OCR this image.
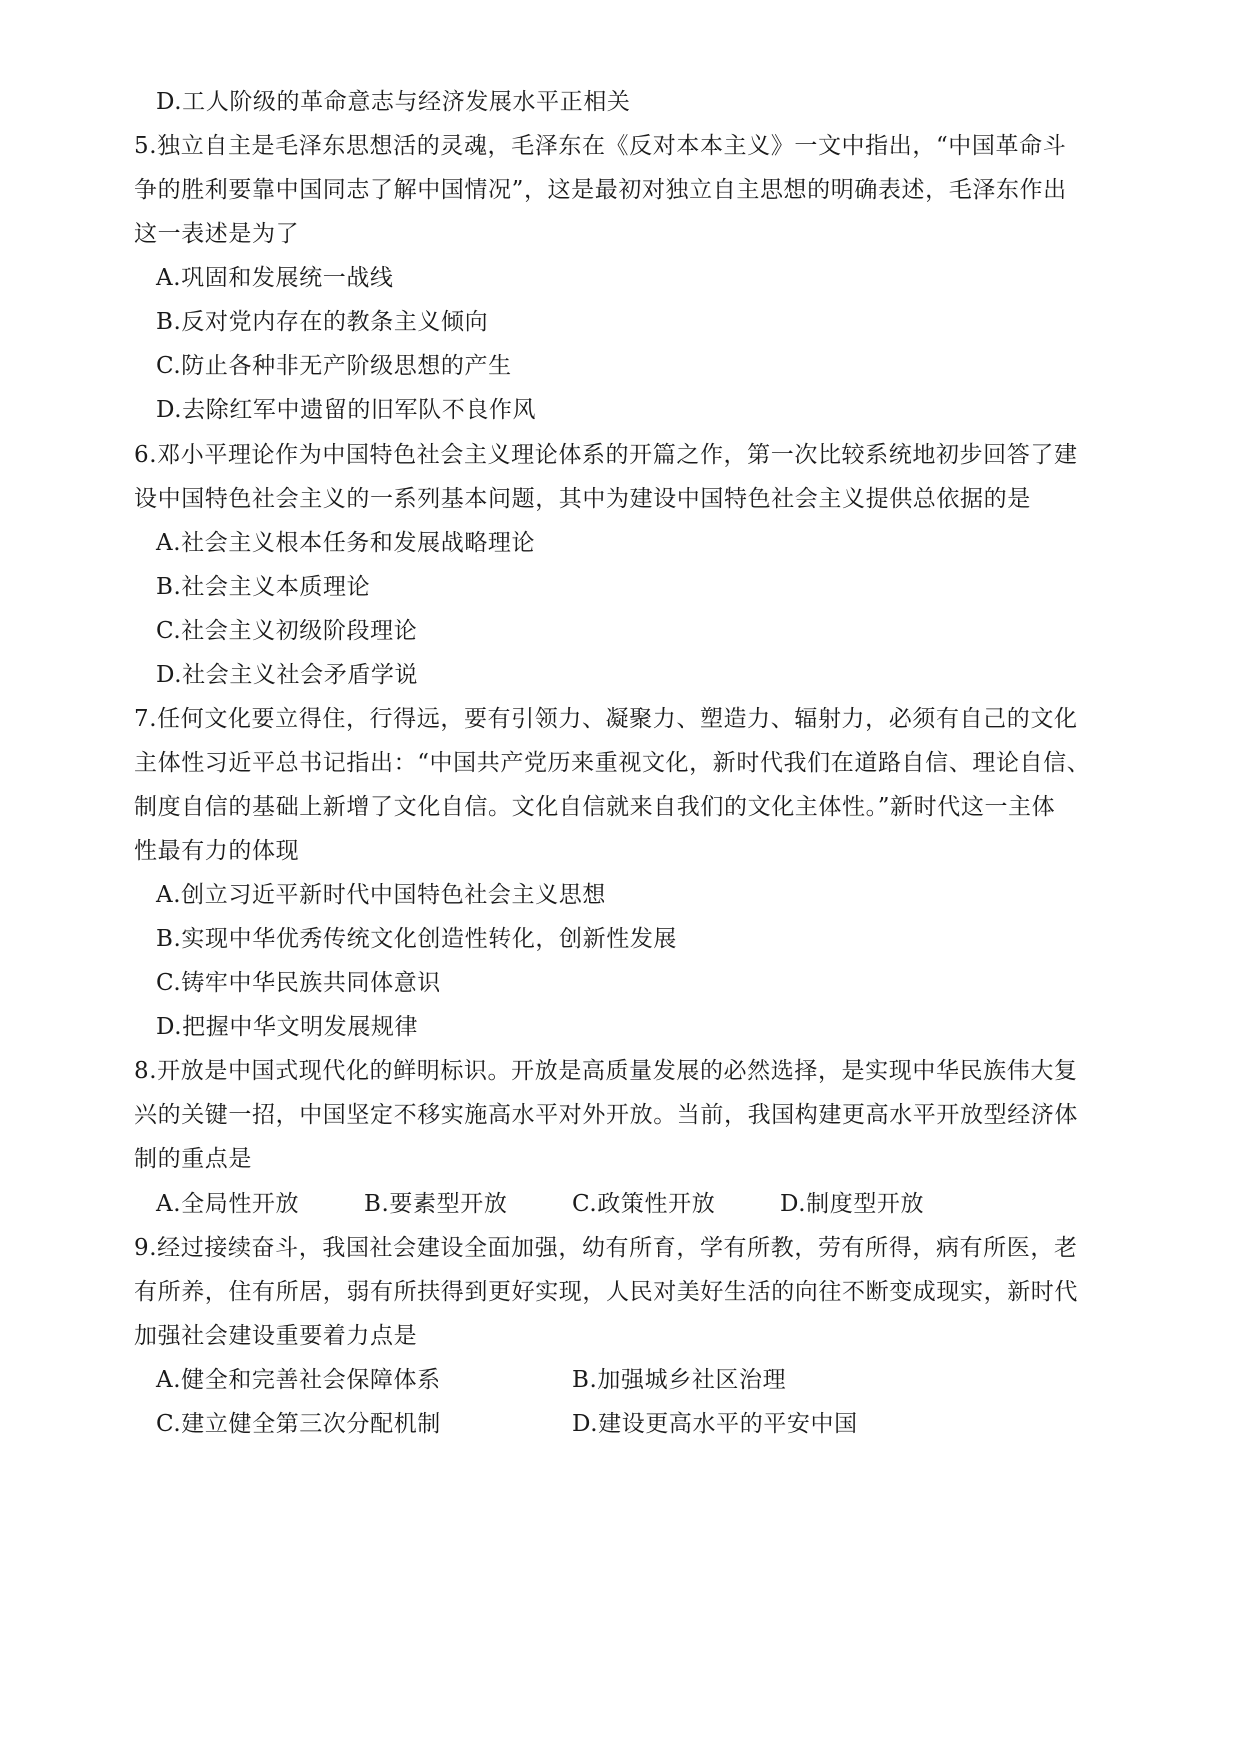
D.工人阶级的革命意志与经济发展水平正相关
5.独立自主是毛泽东思想活的灵魂，毛泽东在《反对本本主义》一文中指出，“中国革命斗
争的胜利要靠中国同志了解中国情况”，这是最初对独立自主思想的明确表述，毛泽东作出
这一表述是为了
A.巩固和发展统一战线
B.反对党内存在的教条主义倾向
C.防止各种非无产阶级思想的产生
D.去除红军中遗留的旧军队不良作风
6.邓小平理论作为中国特色社会主义理论体系的开篇之作，第一次比较系统地初步回答了建
设中国特色社会主义的一系列基本问题，其中为建设中国特色社会主义提供总依据的是
A.社会主义根本任务和发展战略理论
B.社会主义本质理论
C.社会主义初级阶段理论
D.社会主义社会矛盾学说
7.任何文化要立得住，行得远，要有引领力、凝聚力、塑造力、辐射力，必须有自己的文化
主体性习近平总书记指出：“中国共产党历来重视文化，新时代我们在道路自信、理论自信、
制度自信的基础上新增了文化自信。文化自信就来自我们的文化主体性。”新时代这一主体
性最有力的体现
A.创立习近平新时代中国特色社会主义思想
B.实现中华优秀传统文化创造性转化，创新性发展
C.铸牢中华民族共同体意识
D.把握中华文明发展规律
8.开放是中国式现代化的鲜明标识。开放是高质量发展的必然选择，是实现中华民族伟大复
兴的关键一招，中国坚定不移实施高水平对外开放。当前，我国构建更高水平开放型经济体
制的重点是
A.全局性开放	B.要素型开放	C.政策性开放	D.制度型开放
9.经过接续奋斗，我国社会建设全面加强，幼有所育，学有所教，劳有所得，病有所医，老
有所养，住有所居，弱有所扶得到更好实现，人民对美好生活的向往不断变成现实，新时代
加强社会建设重要着力点是
A.健全和完善社会保障体系	B.加强城乡社区治理
C.建立健全第三次分配机制	D.建设更高水平的平安中国
